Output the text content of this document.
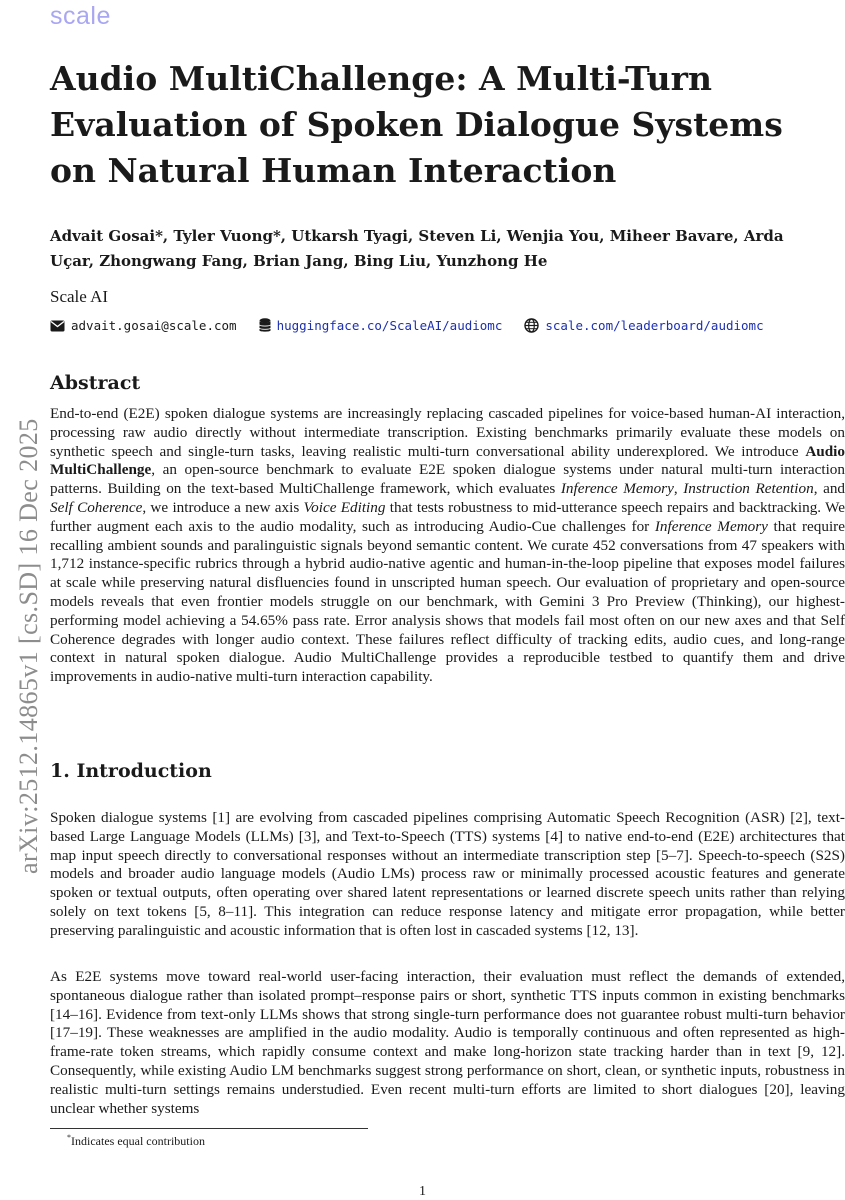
scale
arXiv:2512.14865v1 [cs.SD] 16 Dec 2025
Audio MultiChallenge: A Multi-Turn Evaluation of Spoken Dialogue Systems on Natural Human Interaction

Advait Gosai*, Tyler Vuong*, Utkarsh Tyagi, Steven Li, Wenjia You, Miheer Bavare, Arda Uçar, Zhongwang Fang, Brian Jang, Bing Liu, Yunzhong He

Scale AI

advait.gosai@scale.com	huggingface.co/ScaleAI/audiomc	scale.com/leaderboard/audiomc
Abstract

End-to-end (E2E) spoken dialogue systems are increasingly replacing cascaded pipelines for voice-based human-AI interaction, processing raw audio directly without intermediate transcription. Existing benchmarks primarily evaluate these models on synthetic speech and single-turn tasks, leaving realistic multi-turn conversational ability underexplored. We introduce Audio MultiChallenge, an open-source benchmark to evaluate E2E spoken dialogue systems under natural multi-turn interaction patterns. Building on the text-based MultiChallenge framework, which evaluates Inference Memory, Instruction Retention, and Self Coherence, we introduce a new axis Voice Editing that tests robustness to mid-utterance speech repairs and backtracking. We further augment each axis to the audio modality, such as introducing Audio-Cue challenges for Inference Memory that require recalling ambient sounds and paralinguistic signals beyond semantic content. We curate 452 conversations from 47 speakers with 1,712 instance-specific rubrics through a hybrid audio-native agentic and human-in-the-loop pipeline that exposes model failures at scale while preserving natural disfluencies found in unscripted human speech. Our evaluation of proprietary and open-source models reveals that even frontier models struggle on our benchmark, with Gemini 3 Pro Preview (Thinking), our highest-performing model achieving a 54.65% pass rate. Error analysis shows that models fail most often on our new axes and that Self Coherence degrades with longer audio context. These failures reflect difficulty of tracking edits, audio cues, and long-range context in natural spoken dialogue. Audio MultiChallenge provides a reproducible testbed to quantify them and drive improvements in audio-native multi-turn interaction capability.

1. Introduction

Spoken dialogue systems [1] are evolving from cascaded pipelines comprising Automatic Speech Recognition (ASR) [2], text-based Large Language Models (LLMs) [3], and Text-to-Speech (TTS) systems [4] to native end-to-end (E2E) architectures that map input speech directly to conversational responses without an intermediate transcription step [5–7]. Speech-to-speech (S2S) models and broader audio language models (Audio LMs) process raw or minimally processed acoustic features and generate spoken or textual outputs, often operating over shared latent representations or learned discrete speech units rather than relying solely on text tokens [5, 8–11]. This integration can reduce response latency and mitigate error propagation, while better preserving paralinguistic and acoustic information that is often lost in cascaded systems [12, 13].

As E2E systems move toward real-world user-facing interaction, their evaluation must reflect the demands of extended, spontaneous dialogue rather than isolated prompt–response pairs or short, synthetic TTS inputs common in existing benchmarks [14–16]. Evidence from text-only LLMs shows that strong single-turn performance does not guarantee robust multi-turn behavior [17–19]. These weaknesses are amplified in the audio modality. Audio is temporally continuous and often represented as high-frame-rate token streams, which rapidly consume context and make long-horizon state tracking harder than in text [9, 12]. Consequently, while existing Audio LM benchmarks suggest strong performance on short, clean, or synthetic inputs, robustness in realistic multi-turn settings remains understudied. Even recent multi-turn efforts are limited to short dialogues [20], leaving unclear whether systems

*Indicates equal contribution
1
